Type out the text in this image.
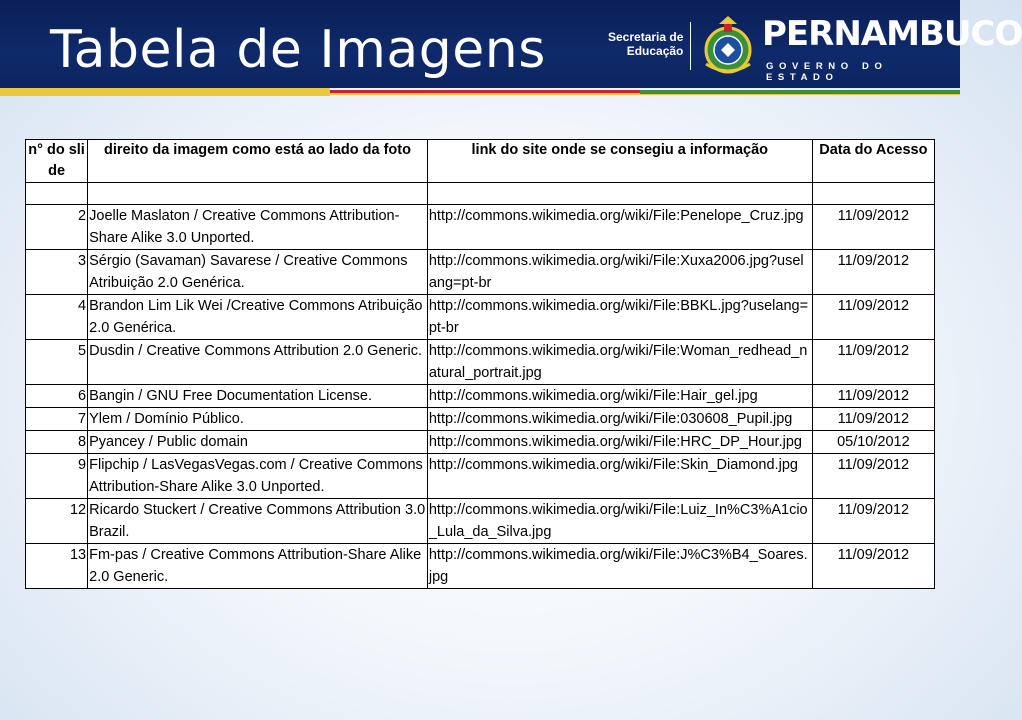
Tabela de Imagens	Secretaria de
Educação PERNAMBUCO
GOVERNO DO ESTADO
n° do slide	direito da imagem como está ao lado da foto	link do site onde se consegiu a informação	Data do Acesso

2	Joelle Maslaton / Creative Commons Attribution-Share Alike 3.0 Unported.	http://commons.wikimedia.org/wiki/File:Penelope_Cruz.jpg	11/09/2012
3	Sérgio (Savaman) Savarese / Creative Commons Atribuição 2.0 Genérica.	http://commons.wikimedia.org/wiki/File:Xuxa2006.jpg?uselang=pt-br	11/09/2012
4	Brandon Lim Lik Wei /Creative Commons Atribuição 2.0 Genérica.	http://commons.wikimedia.org/wiki/File:BBKL.jpg?uselang=pt-br	11/09/2012
5	Dusdin / Creative Commons Attribution 2.0 Generic.	http://commons.wikimedia.org/wiki/File:Woman_redhead_natural_portrait.jpg	11/09/2012
6	Bangin / GNU Free Documentation License.	http://commons.wikimedia.org/wiki/File:Hair_gel.jpg	11/09/2012
7	Ylem / Domínio Público.	http://commons.wikimedia.org/wiki/File:030608_Pupil.jpg	11/09/2012
8	Pyancey / Public domain	http://commons.wikimedia.org/wiki/File:HRC_DP_Hour.jpg	05/10/2012
9	Flipchip / LasVegasVegas.com / Creative Commons Attribution-Share Alike 3.0 Unported.	http://commons.wikimedia.org/wiki/File:Skin_Diamond.jpg	11/09/2012
12	Ricardo Stuckert / Creative Commons Attribution 3.0 Brazil.	http://commons.wikimedia.org/wiki/File:Luiz_In%C3%A1cio_Lula_da_Silva.jpg	11/09/2012
13	Fm-pas / Creative Commons Attribution-Share Alike 2.0 Generic.	http://commons.wikimedia.org/wiki/File:J%C3%B4_Soares.jpg	11/09/2012
